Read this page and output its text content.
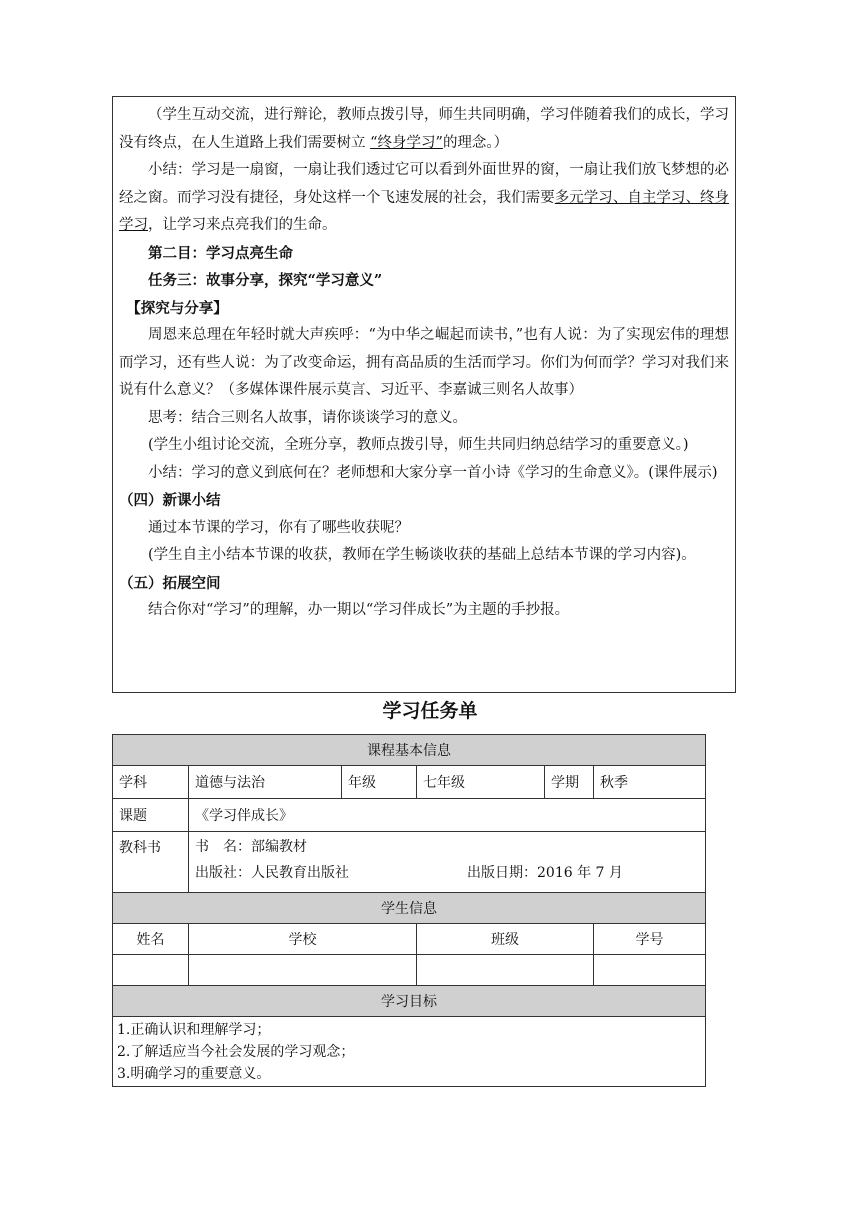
（学生互动交流，进行辩论，教师点拨引导，师生共同明确，学习伴随着我们的成长，学习没有终点，在人生道路上我们需要树立 “终身学习”的理念。）

小结：学习是一扇窗，一扇让我们透过它可以看到外面世界的窗，一扇让我们放飞梦想的必经之窗。而学习没有捷径，身处这样一个飞速发展的社会，我们需要多元学习、自主学习、终身学习，让学习来点亮我们的生命。

第二目：学习点亮生命

任务三：故事分享，探究“学习意义”

【探究与分享】

周恩来总理在年轻时就大声疾呼：“为中华之崛起而读书，”也有人说：为了实现宏伟的理想而学习，还有些人说：为了改变命运，拥有高品质的生活而学习。你们为何而学？学习对我们来说有什么意义？（多媒体课件展示莫言、习近平、李嘉诚三则名人故事）

思考：结合三则名人故事，请你谈谈学习的意义。

(学生小组讨论交流，全班分享，教师点拨引导，师生共同归纳总结学习的重要意义。)

小结：学习的意义到底何在？老师想和大家分享一首小诗《学习的生命意义》。(课件展示)

（四）新课小结

通过本节课的学习，你有了哪些收获呢？

(学生自主小结本节课的收获，教师在学生畅谈收获的基础上总结本节课的学习内容)。

（五）拓展空间

结合你对“学习”的理解，办一期以“学习伴成长”为主题的手抄报。

学习任务单
课程基本信息					
学科	道德与法治	年级	七年级	学期	秋季
课题	《学习伴成长》				
教科书	书　名：部编教材
出版社：人民教育出版社 出版日期：2016 年 7 月				

学生信息					
姓名	学校		班级		学号

学习目标					

1.正确认识和理解学习；
2.了解适应当今社会发展的学习观念；
3.明确学习的重要意义。					
